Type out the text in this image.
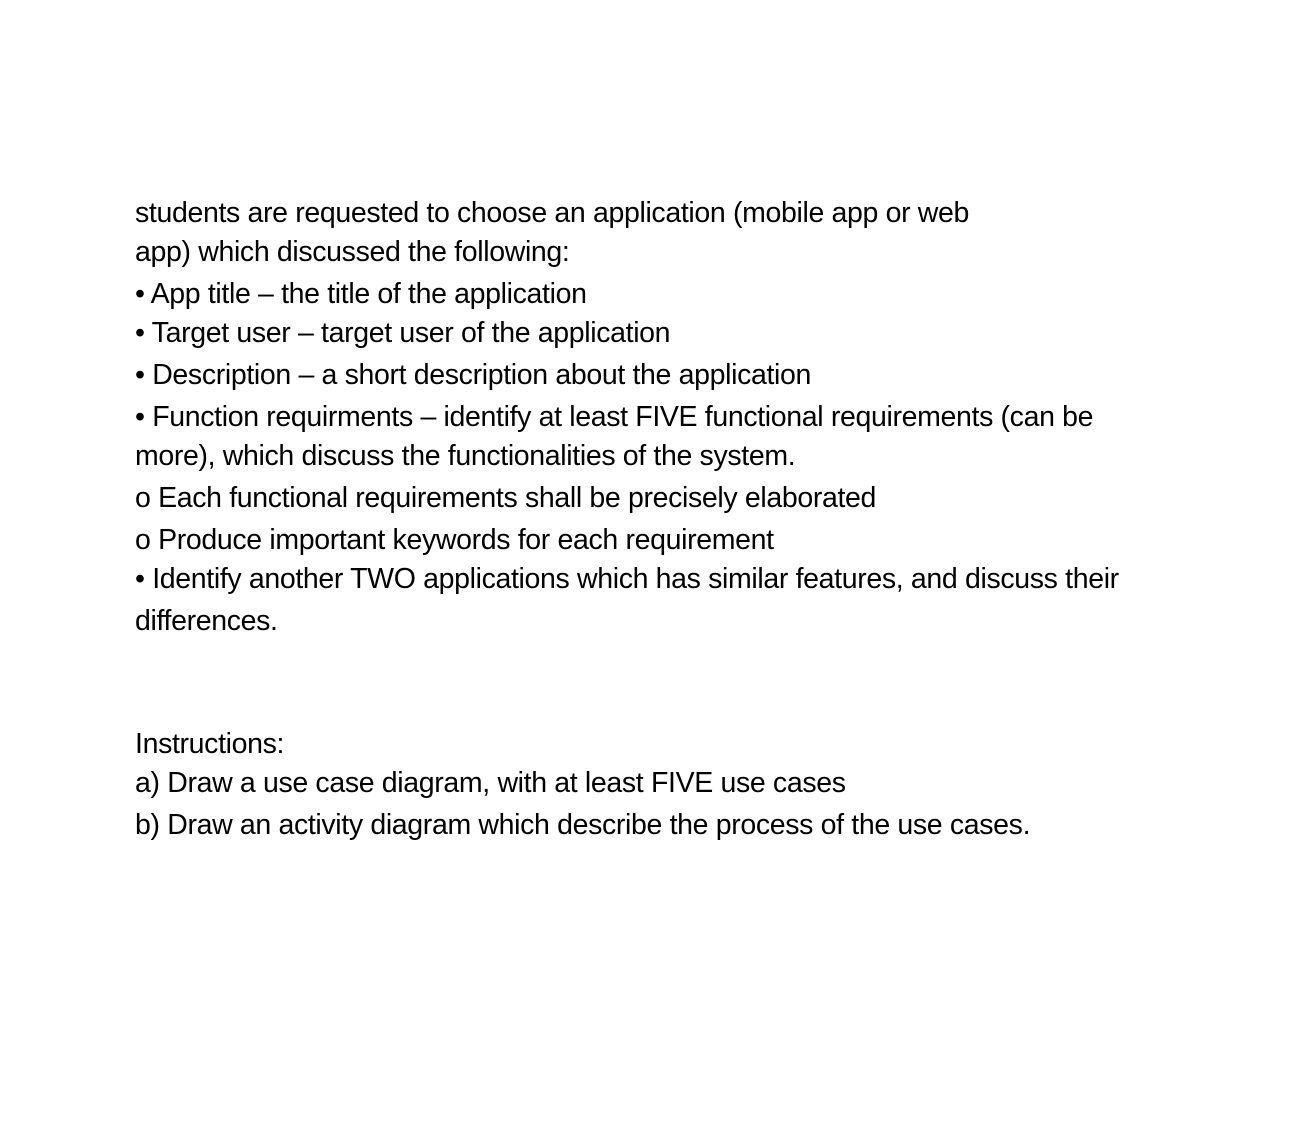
students are requested to choose an application (mobile app or web

app) which discussed the following:

• App title – the title of the application

• Target user – target user of the application

• Description – a short description about the application

• Function requirments – identify at least FIVE functional requirements (can be

more), which discuss the functionalities of the system.

o Each functional requirements shall be precisely elaborated

o Produce important keywords for each requirement

• Identify another TWO applications which has similar features, and discuss their

differences.

Instructions:

a) Draw a use case diagram, with at least FIVE use cases

b) Draw an activity diagram which describe the process of the use cases.
